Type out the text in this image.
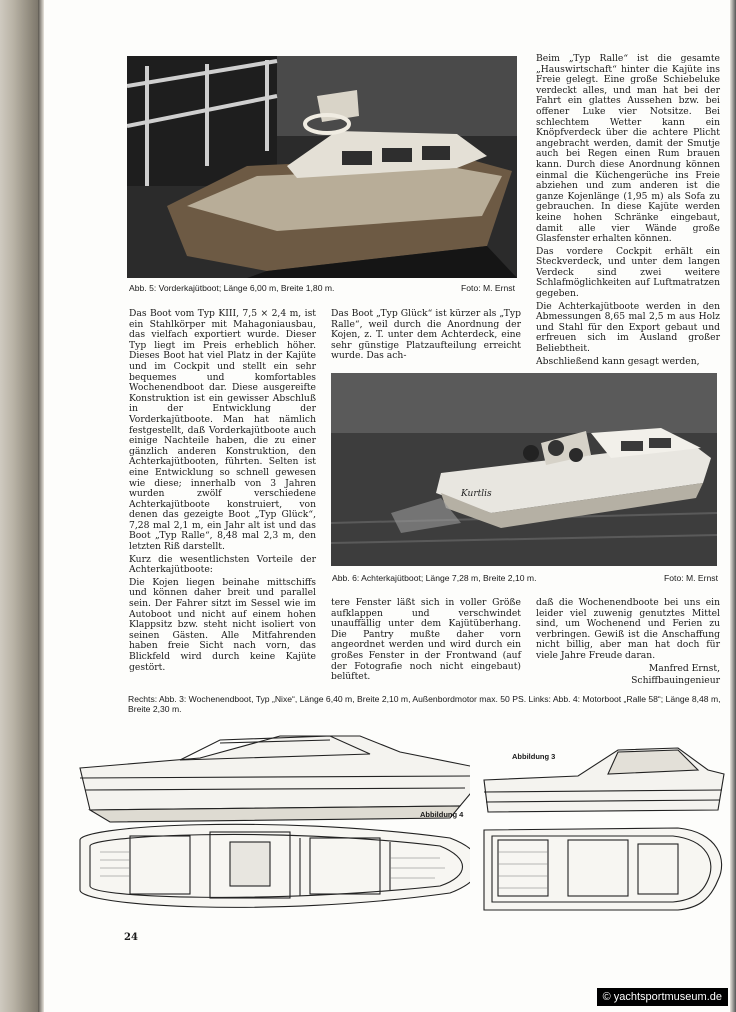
Abb. 5: Vorderkajütboot; Länge 6,00 m, Breite 1,80 m.	Foto: M. Ernst

Beim „Typ Ralle“ ist die gesamte „Hauswirtschaft“ hinter die Kajüte ins Freie gelegt. Eine große Schiebeluke verdeckt alles, und man hat bei der Fahrt ein glattes Aussehen bzw. bei offener Luke vier Notsitze. Bei schlechtem Wetter kann ein Knöpfverdeck über die achtere Plicht angebracht werden, damit der Smutje auch bei Regen einen Rum brauen kann. Durch diese Anordnung können einmal die Küchengerüche ins Freie abziehen und zum anderen ist die ganze Kojenlänge (1,95 m) als Sofa zu gebrauchen. In diese Kajüte werden keine hohen Schränke eingebaut, damit alle vier Wände große Glasfenster erhalten können.

Das vordere Cockpit erhält ein Steckverdeck, und unter dem langen Verdeck sind zwei weitere Schlafmöglichkeiten auf Luftmatratzen gegeben.

Die Achterkajütboote werden in den Abmessungen 8,65 mal 2,5 m aus Holz und Stahl für den Export gebaut und erfreuen sich im Ausland großer Beliebtheit.

Abschließend kann gesagt werden,

Das Boot vom Typ KIII, 7,5 × 2,4 m, ist ein Stahlkörper mit Mahagoniausbau, das vielfach exportiert wurde. Dieser Typ liegt im Preis erheblich höher. Dieses Boot hat viel Platz in der Kajüte und im Cockpit und stellt ein sehr bequemes und komfortables Wochenendboot dar. Diese ausgereifte Konstruktion ist ein gewisser Abschluß in der Entwicklung der Vorderkajütboote. Man hat nämlich festgestellt, daß Vorderkajütboote auch einige Nachteile haben, die zu einer gänzlich anderen Konstruktion, den Achterkajütbooten, führten. Selten ist eine Entwicklung so schnell gewesen wie diese; innerhalb von 3 Jahren wurden zwölf verschiedene Achterkajütboote konstruiert, von denen das gezeigte Boot „Typ Glück“, 7,28 mal 2,1 m, ein Jahr alt ist und das Boot „Typ Ralle“, 8,48 mal 2,3 m, den letzten Riß darstellt.

Kurz die wesentlichsten Vorteile der Achterkajütboote:

Die Kojen liegen beinahe mittschiffs und können daher breit und parallel sein. Der Fahrer sitzt im Sessel wie im Autoboot und nicht auf einem hohen Klappsitz bzw. steht nicht isoliert von seinen Gästen. Alle Mitfahrenden haben freie Sicht nach vorn, das Blickfeld wird durch keine Kajüte gestört.

Das Boot „Typ Glück“ ist kürzer als „Typ Ralle“, weil durch die Anordnung der Kojen, z. T. unter dem Achterdeck, eine sehr günstige Platzaufteilung erreicht wurde. Das ach-

Kurtlis
Abb. 6: Achterkajütboot; Länge 7,28 m, Breite 2,10 m.	Foto: M. Ernst

tere Fenster läßt sich in voller Größe aufklappen und verschwindet unauffällig unter dem Kajütüberhang. Die Pantry mußte daher vorn angeordnet werden und wird durch ein großes Fenster in der Frontwand (auf der Fotografie noch nicht eingebaut) belüftet.

daß die Wochenendboote bei uns ein leider viel zuwenig genutztes Mittel sind, um Wochenend und Ferien zu verbringen. Gewiß ist die Anschaffung nicht billig, aber man hat doch für viele Jahre Freude daran.

Manfred Ernst,

Schiffbauingenieur

Rechts: Abb. 3: Wochenendboot, Typ „Nixe“, Länge 6,40 m, Breite 2,10 m, Außenbordmotor max. 50 PS. Links: Abb. 4: Motorboot „Ralle 58“; Länge 8,48 m, Breite 2,30 m.
Abbildung 4
Abbildung 3
24
© yachtsportmuseum.de
